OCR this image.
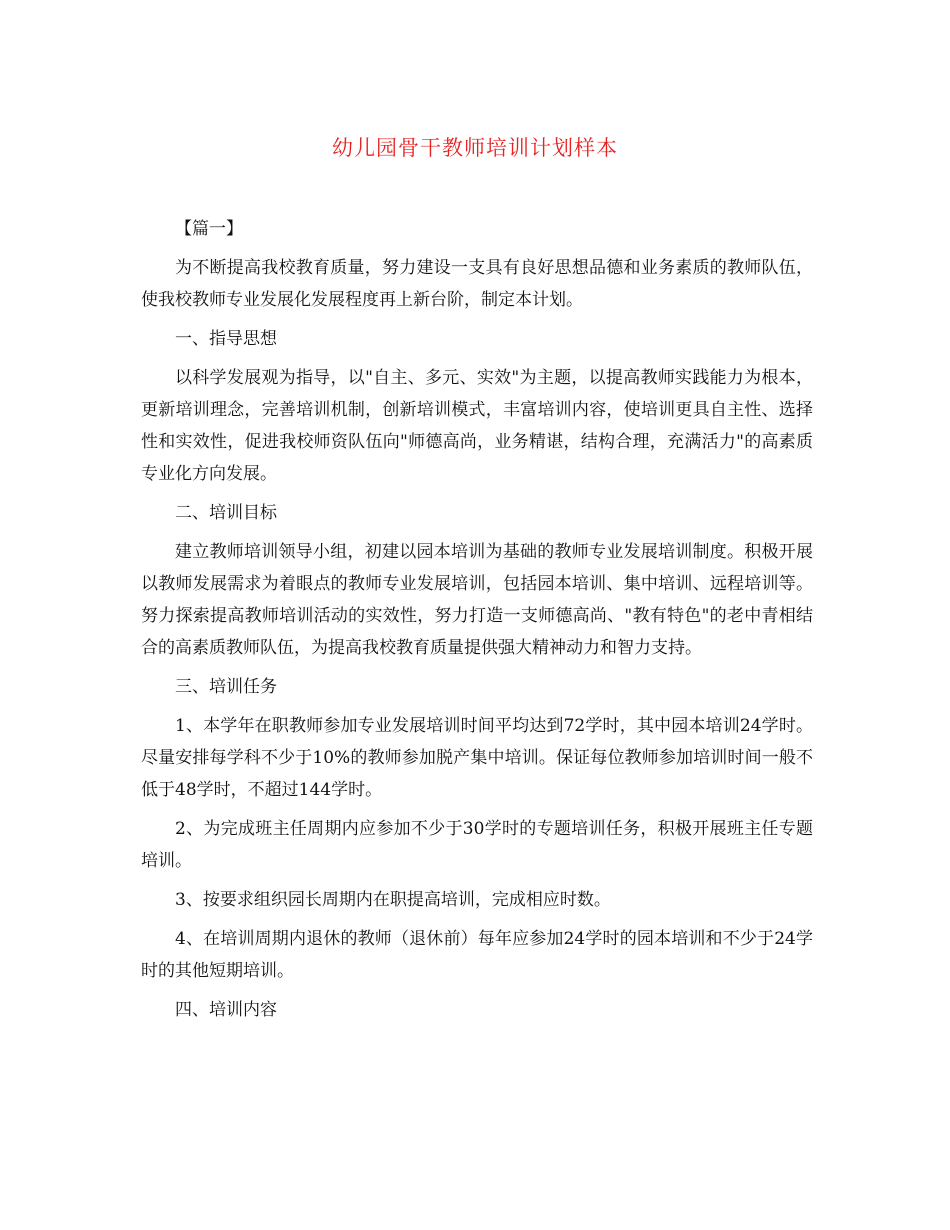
幼儿园骨干教师培训计划样本

【篇一】

为不断提高我校教育质量，努力建设一支具有良好思想品德和业务素质的教师队伍，使我校教师专业发展化发展程度再上新台阶，制定本计划。

一、指导思想

以科学发展观为指导，以"自主、多元、实效"为主题，以提高教师实践能力为根本，更新培训理念，完善培训机制，创新培训模式，丰富培训内容，使培训更具自主性、选择性和实效性，促进我校师资队伍向"师德高尚，业务精谌，结构合理，充满活力"的高素质专业化方向发展。

二、培训目标

建立教师培训领导小组，初建以园本培训为基础的教师专业发展培训制度。积极开展以教师发展需求为着眼点的教师专业发展培训，包括园本培训、集中培训、远程培训等。努力探索提高教师培训活动的实效性，努力打造一支师德高尚、"教有特色"的老中青相结合的高素质教师队伍，为提高我校教育质量提供强大精神动力和智力支持。

三、培训任务

1、本学年在职教师参加专业发展培训时间平均达到72学时，其中园本培训24学时。尽量安排每学科不少于10%的教师参加脱产集中培训。保证每位教师参加培训时间一般不低于48学时，不超过144学时。

2、为完成班主任周期内应参加不少于30学时的专题培训任务，积极开展班主任专题培训。

3、按要求组织园长周期内在职提高培训，完成相应时数。

4、在培训周期内退休的教师（退休前）每年应参加24学时的园本培训和不少于24学时的其他短期培训。

四、培训内容
